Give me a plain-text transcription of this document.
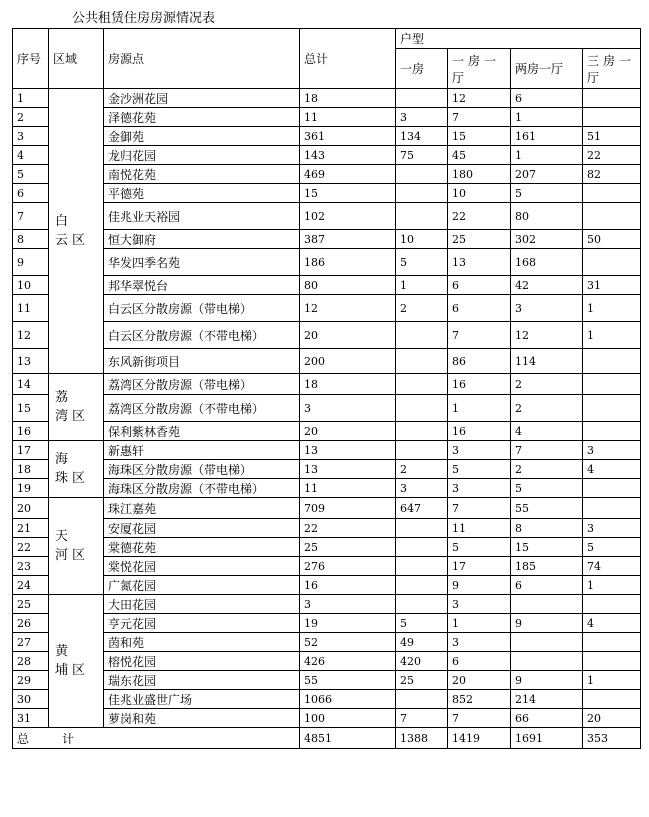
公共租赁住房房源情况表
序号	区域	房源点	总计	户型			
				一房	一房一厅	两房一厅	三房一厅

1	白 云区	金沙洲花园	18		12	6	
2		泽德花苑	11	3	7	1	
3		金御苑	361	134	15	161	51
4		龙归花园	143	75	45	1	22
5		南悦花苑	469		180	207	82
6		平德苑	15		10	5	
7		佳兆业天裕园	102		22	80	
8		恒大御府	387	10	25	302	50
9		华发四季名苑	186	5	13	168	
10		邦华翠悦台	80	1	6	42	31
11		白云区分散房源（带电梯）	12	2	6	3	1
12		白云区分散房源（不带电梯）	20		7	12	1
13		东风新街项目	200		86	114	
14	荔 湾区	荔湾区分散房源（带电梯）	18		16	2	
15		荔湾区分散房源（不带电梯）	3		1	2	
16		保利紫林香苑	20		16	4	
17	海 珠区	新惠轩	13		3	7	3
18		海珠区分散房源（带电梯）	13	2	5	2	4
19		海珠区分散房源（不带电梯）	11	3	3	5	
20	天 河区	珠江嘉苑	709	647	7	55	
21		安厦花园	22		11	8	3
22		棠德花苑	25		5	15	5
23		棠悦花园	276		17	185	74
24		广氮花园	16		9	6	1
25	黄 埔区	大田花园	3		3		
26		亨元花园	19	5	1	9	4
27		茵和苑	52	49	3		
28		榕悦花园	426	420	6		
29		瑞东花园	55	25	20	9	1
30		佳兆业盛世广场	1066		852	214	
31		萝岗和苑	100	7	7	66	20
总　　计			4851	1388	1419	1691	353
